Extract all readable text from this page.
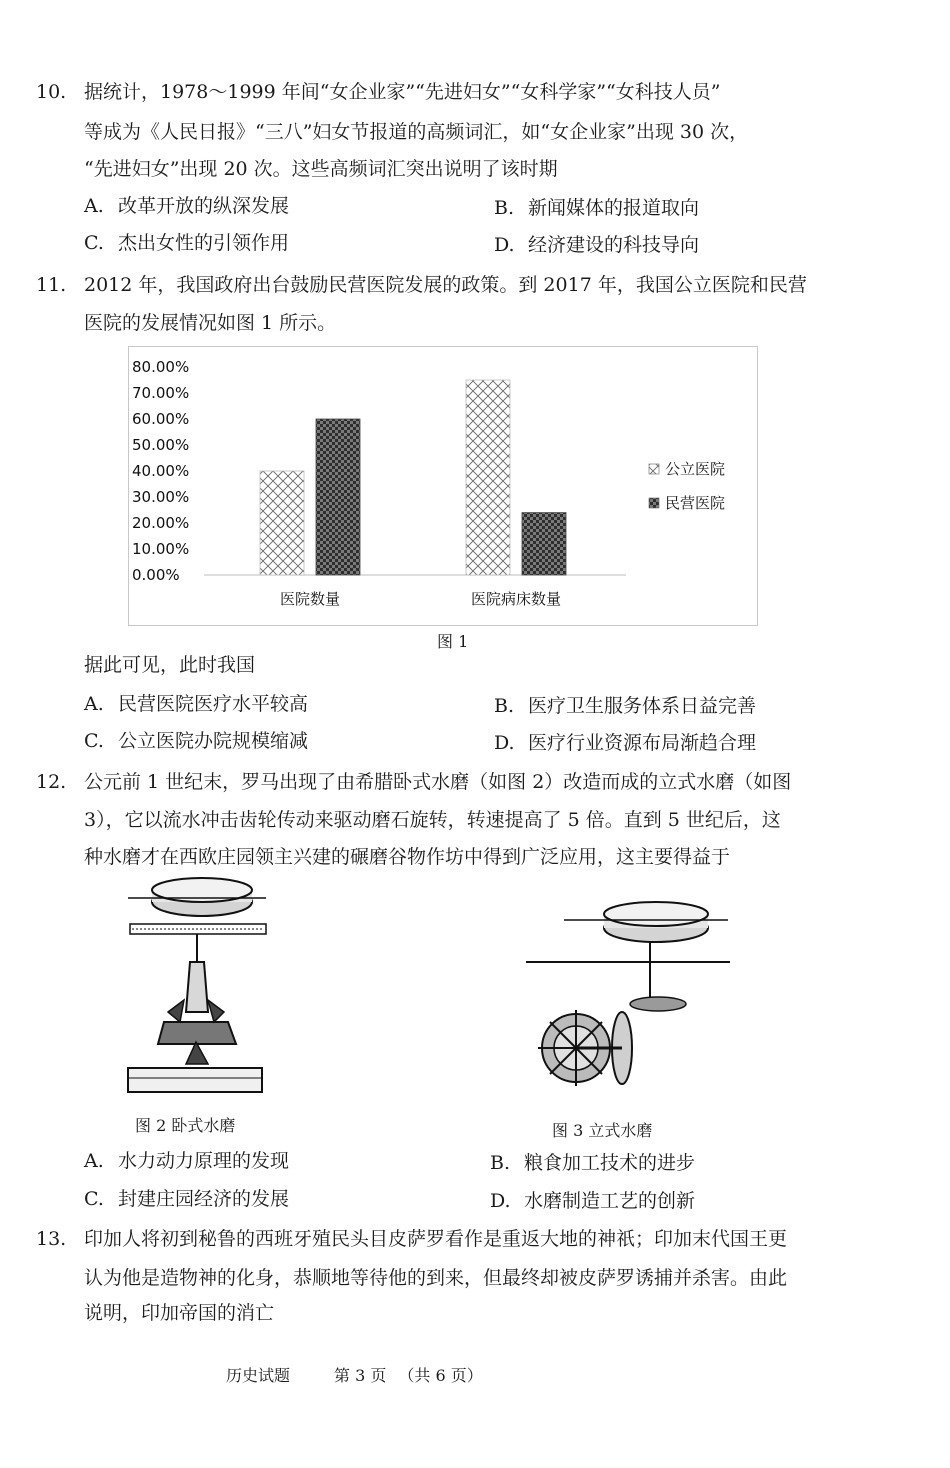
10. 据统计，1978～1999 年间“女企业家”“先进妇女”“女科学家”“女科技人员”
等成为《人民日报》“三八”妇女节报道的高频词汇，如“女企业家”出现 30 次，
“先进妇女”出现 20 次。这些高频词汇突出说明了该时期
A. 改革开放的纵深发展	B. 新闻媒体的报道取向
C. 杰出女性的引领作用	D. 经济建设的科技导向
11. 2012 年，我国政府出台鼓励民营医院发展的政策。到 2017 年，我国公立医院和民营
医院的发展情况如图 1 所示。
80.00%
70.00%
60.00%
50.00%
40.00%
30.00%
20.00%
10.00%
0.00%
医院数量	医院病床数量
公立医院
民营医院
图 1
据此可见，此时我国
A. 民营医院医疗水平较高	B. 医疗卫生服务体系日益完善
C. 公立医院办院规模缩减	D. 医疗行业资源布局渐趋合理
12. 公元前 1 世纪末，罗马出现了由希腊卧式水磨（如图 2）改造而成的立式水磨（如图
3），它以流水冲击齿轮传动来驱动磨石旋转，转速提高了 5 倍。直到 5 世纪后，这
种水磨才在西欧庄园领主兴建的碾磨谷物作坊中得到广泛应用，这主要得益于
图 2 卧式水磨	图 3 立式水磨
A. 水力动力原理的发现	B. 粮食加工技术的进步
C. 封建庄园经济的发展	D. 水磨制造工艺的创新
13. 印加人将初到秘鲁的西班牙殖民头目皮萨罗看作是重返大地的神祇；印加末代国王更
认为他是造物神的化身，恭顺地等待他的到来，但最终却被皮萨罗诱捕并杀害。由此
说明，印加帝国的消亡
历史试题	第 3 页 （共 6 页）
